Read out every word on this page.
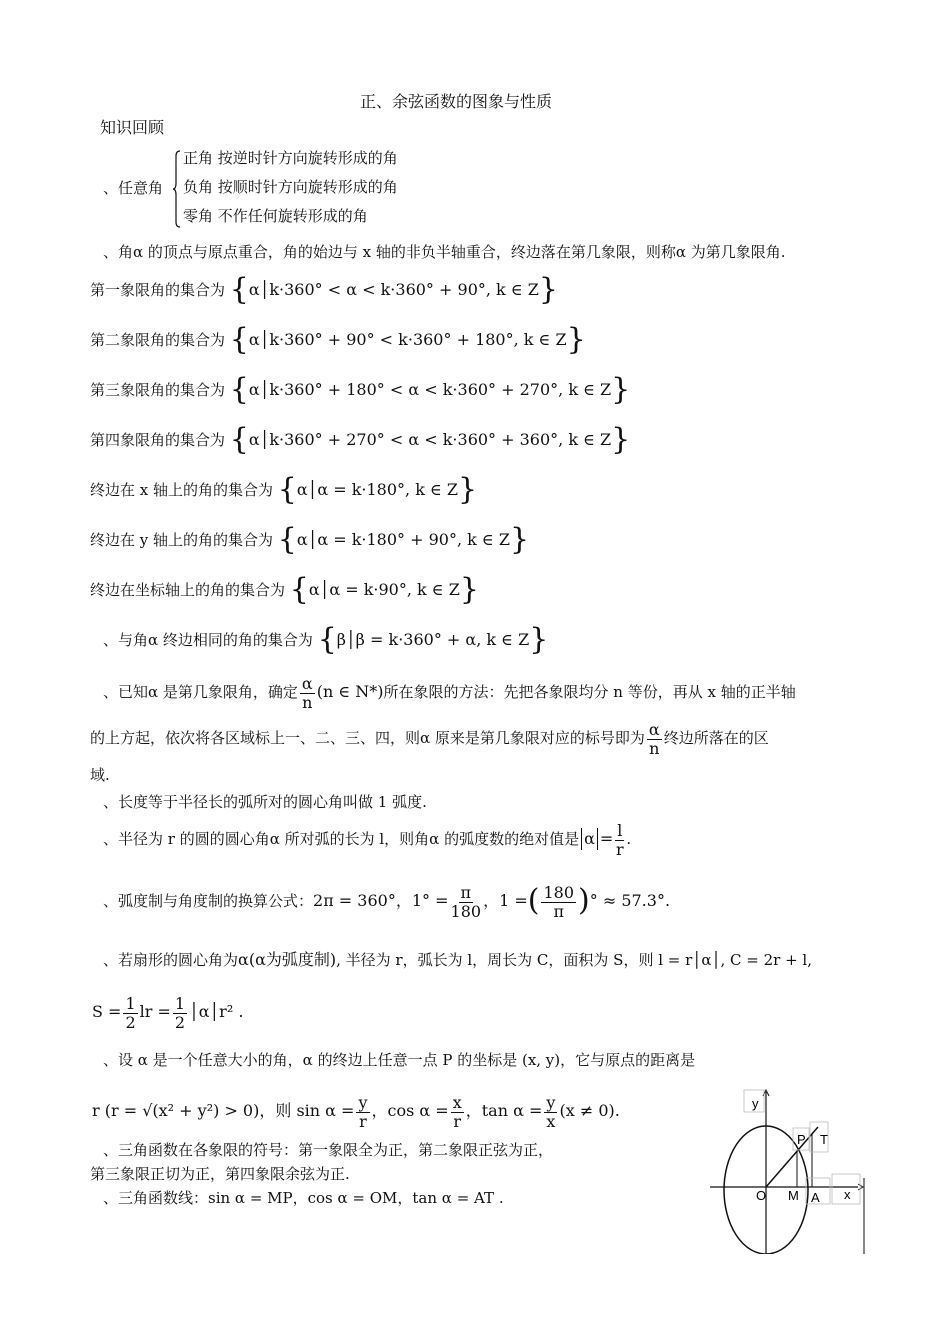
正、余弦函数的图象与性质
知识回顾
、任意角
正角 按逆时针方向旋转形成的角
负角 按顺时针方向旋转形成的角
零角 不作任何旋转形成的角
、角α 的顶点与原点重合，角的始边与 x 轴的非负半轴重合，终边落在第几象限，则称α 为第几象限角.
第一象限角的集合为 {α│k·360° < α < k·360° + 90°, k ∈ Z}
第二象限角的集合为 {α│k·360° + 90° < k·360° + 180°, k ∈ Z}
第三象限角的集合为 {α│k·360° + 180° < α < k·360° + 270°, k ∈ Z}
第四象限角的集合为 {α│k·360° + 270° < α < k·360° + 360°, k ∈ Z}
终边在 x 轴上的角的集合为 {α│α = k·180°, k ∈ Z}
终边在 y 轴上的角的集合为 {α│α = k·180° + 90°, k ∈ Z}
终边在坐标轴上的角的集合为 {α│α = k·90°, k ∈ Z}
、与角α 终边相同的角的集合为 {β│β = k·360° + α, k ∈ Z}
、已知α 是第几象限角，确定 $\frac{\alpha}{n} (n$ ∈ N*)所在象限的方法：先把各象限均分 n 等份，再从 x 轴的正半轴
的上方起，依次将各区域标上一、二、三、四，则α 原来是第几象限对应的标号即为 $\frac{\alpha}{n}$ 终边所落在的区
域.
、长度等于半径长的弧所对的圆心角叫做 1 弧度.
、半径为 r 的圆的圆心角α 所对弧的长为 l，则角α 的弧度数的绝对值是 $\alpha = \frac{l}{r}$ .
、弧度制与角度制的换算公式：2π = 360°，$1^\circ = \frac{\pi}{180}$ ，1 =( $\frac{180}{\pi}$ )° ≈ 57.3°.
、若扇形的圆心角为α(α为弧度制), 半径为 r，弧长为 l，周长为 C，面积为 S，则 l = r│α│, C = 2r + l,
$S = \frac{1}{2}$ lr = $\frac{1}{2}$ │α│r² .
、设 α 是一个任意大小的角，α 的终边上任意一点 P 的坐标是 (x, y)，它与原点的距离是
r (r = √(x² + y²) > 0)，则 $\sin \alpha = \frac{y}{r}$ ，$\cos \alpha = \frac{x}{r}$ ，$\tan \alpha = \frac{y}{x} (x \ne 0)$.
、三角函数在各象限的符号：第一象限全为正，第二象限正弦为正，
第三象限正切为正，第四象限余弦为正.
、三角函数线：sin α = MP，cos α = OM，tan α = AT .
y
x
O M A
P T
